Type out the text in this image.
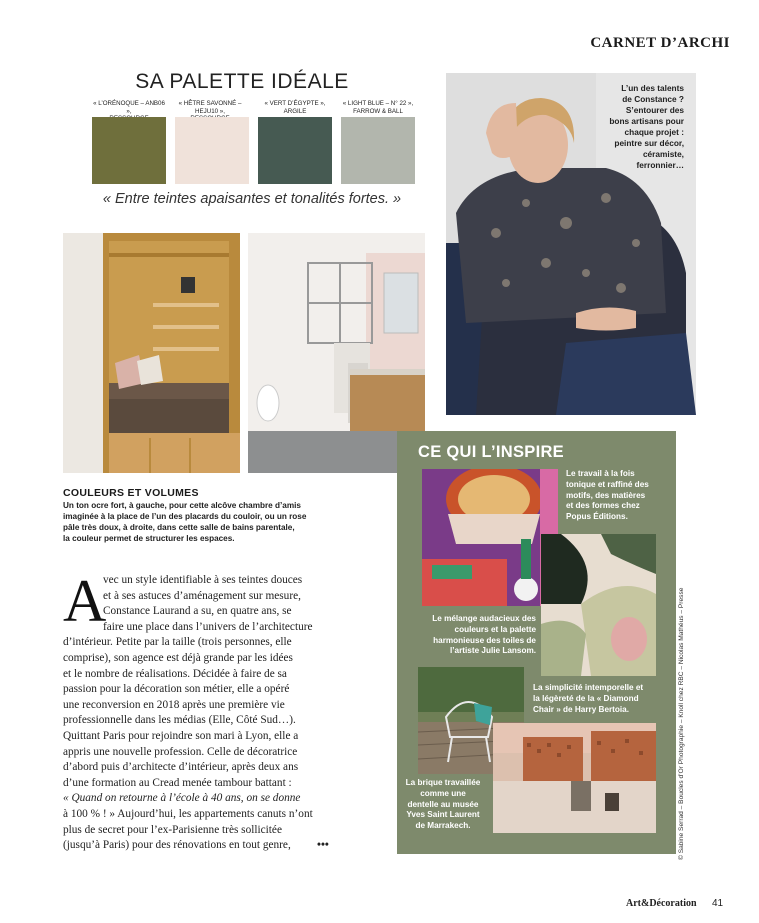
CARNET D’ARCHI
SA PALETTE IDÉALE
« L’ORÉNOQUE – ANB06 »,
« HÊTRE SAVONNÉ – HEJU10 »,
« VERT D’ÉGYPTE »,
ARGILE
« LIGHT BLUE – N° 22 »,
FARROW & BALL
« Entre teintes apaisantes et tonalités fortes. »
L’un des talents
de Constance ?
S’entourer des
bons artisans pour
chaque projet :
peintre sur décor,
céramiste,
ferronnier…
COULEURS ET VOLUMES
Un ton ocre fort, à gauche, pour cette alcôve chambre d’amis
imaginée à la place de l’un des placards du couloir, ou un rose
pâle très doux, à droite, dans cette salle de bains parentale,
la couleur permet de structurer les espaces.
A
vec un style identifiable à ses teintes douces
et à ses astuces d’aménagement sur mesure,
Constance Laurand a su, en quatre ans, se
faire une place dans l’univers de l’architecture
d’intérieur. Petite par la taille (trois personnes, elle
comprise), son agence est déjà grande par les idées
et le nombre de réalisations. Décidée à faire de sa
passion pour la décoration son métier, elle a opéré
une reconversion en 2018 après une première vie
professionnelle dans les médias (Elle, Côté Sud…).
Quittant Paris pour rejoindre son mari à Lyon, elle a
appris une nouvelle profession. Celle de décoratrice
d’abord puis d’architecte d’intérieur, après deux ans
d’une formation au Cread menée tambour battant :
« Quand on retourne à l’école à 40 ans, on se donne
à 100 % ! » Aujourd’hui, les appartements canuts n’ont
plus de secret pour l’ex-Parisienne très sollicitée
(jusqu’à Paris) pour des rénovations en tout genre, •••
CE QUI L’INSPIRE
Le travail à la fois
tonique et raffiné des
motifs, des matières
et des formes chez
Popus Éditions.
Le mélange audacieux des
couleurs et la palette
harmonieuse des toiles de
l’artiste Julie Lansom.
La simplicité intemporelle et
la légèreté de la « Diamond
Chair » de Harry Bertoia.
La brique travaillée
comme une
dentelle au musée
Yves Saint Laurent
de Marrakech.	© Sabine Serrad – Boucles d’Or Photographie – Knoll chez RBC – Nicolas Mathéus – Presse
Art&Décoration 41
